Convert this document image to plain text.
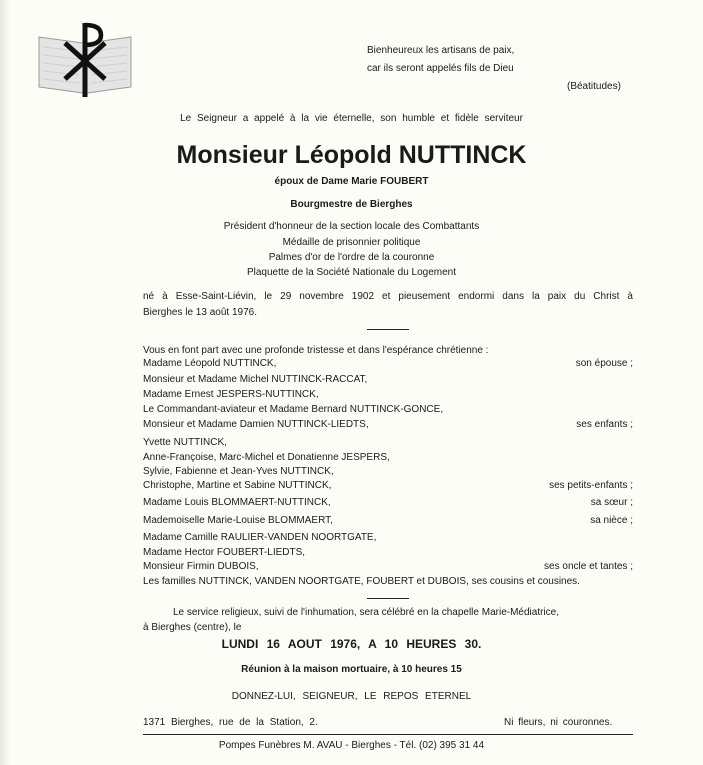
Bienheureux les artisans de paix,
car ils seront appelés fils de Dieu
(Béatitudes)
Le Seigneur a appelé à la vie éternelle, son humble et fidèle serviteur
Monsieur Léopold NUTTINCK
époux de Dame Marie FOUBERT
Bourgmestre de Bierghes
Président d'honneur de la section locale des Combattants
Médaille de prisonnier politique
Palmes d'or de l'ordre de la couronne
Plaquette de la Société Nationale du Logement
né à Esse-Saint-Liévin, le 29 novembre 1902 et pieusement endormi dans la paix du Christ à
Bierghes le 13 août 1976.
Vous en font part avec une profonde tristesse et dans l'espérance chrétienne :
Madame Léopold NUTTINCK,	son épouse ;
Monsieur et Madame Michel NUTTINCK-RACCAT,
Madame Ernest JESPERS-NUTTINCK,
Le Commandant-aviateur et Madame Bernard NUTTINCK-GONCE,
Monsieur et Madame Damien NUTTINCK-LIEDTS,	ses enfants ;
Yvette NUTTINCK,
Anne-Françoise, Marc-Michel et Donatienne JESPERS,
Sylvie, Fabienne et Jean-Yves NUTTINCK,
Christophe, Martine et Sabine NUTTINCK,	ses petits-enfants ;
Madame Louis BLOMMAERT-NUTTINCK,	sa sœur ;
Mademoiselle Marie-Louise BLOMMAERT,	sa nièce ;
Madame Camille RAULIER-VANDEN NOORTGATE,
Madame Hector FOUBERT-LIEDTS,
Monsieur Firmin DUBOIS,	ses oncle et tantes ;
Les familles NUTTINCK, VANDEN NOORTGATE, FOUBERT et DUBOIS, ses cousins et cousines.
Le service religieux, suivi de l'inhumation, sera célébré en la chapelle Marie-Médiatrice,
à Bierghes (centre), le
LUNDI 16 AOUT 1976, A 10 HEURES 30.
Réunion à la maison mortuaire, à 10 heures 15
DONNEZ-LUI, SEIGNEUR, LE REPOS ETERNEL
1371 Bierghes, rue de la Station, 2.	Ni fleurs, ni couronnes.
Pompes Funèbres M. AVAU - Bierghes - Tél. (02) 395 31 44
